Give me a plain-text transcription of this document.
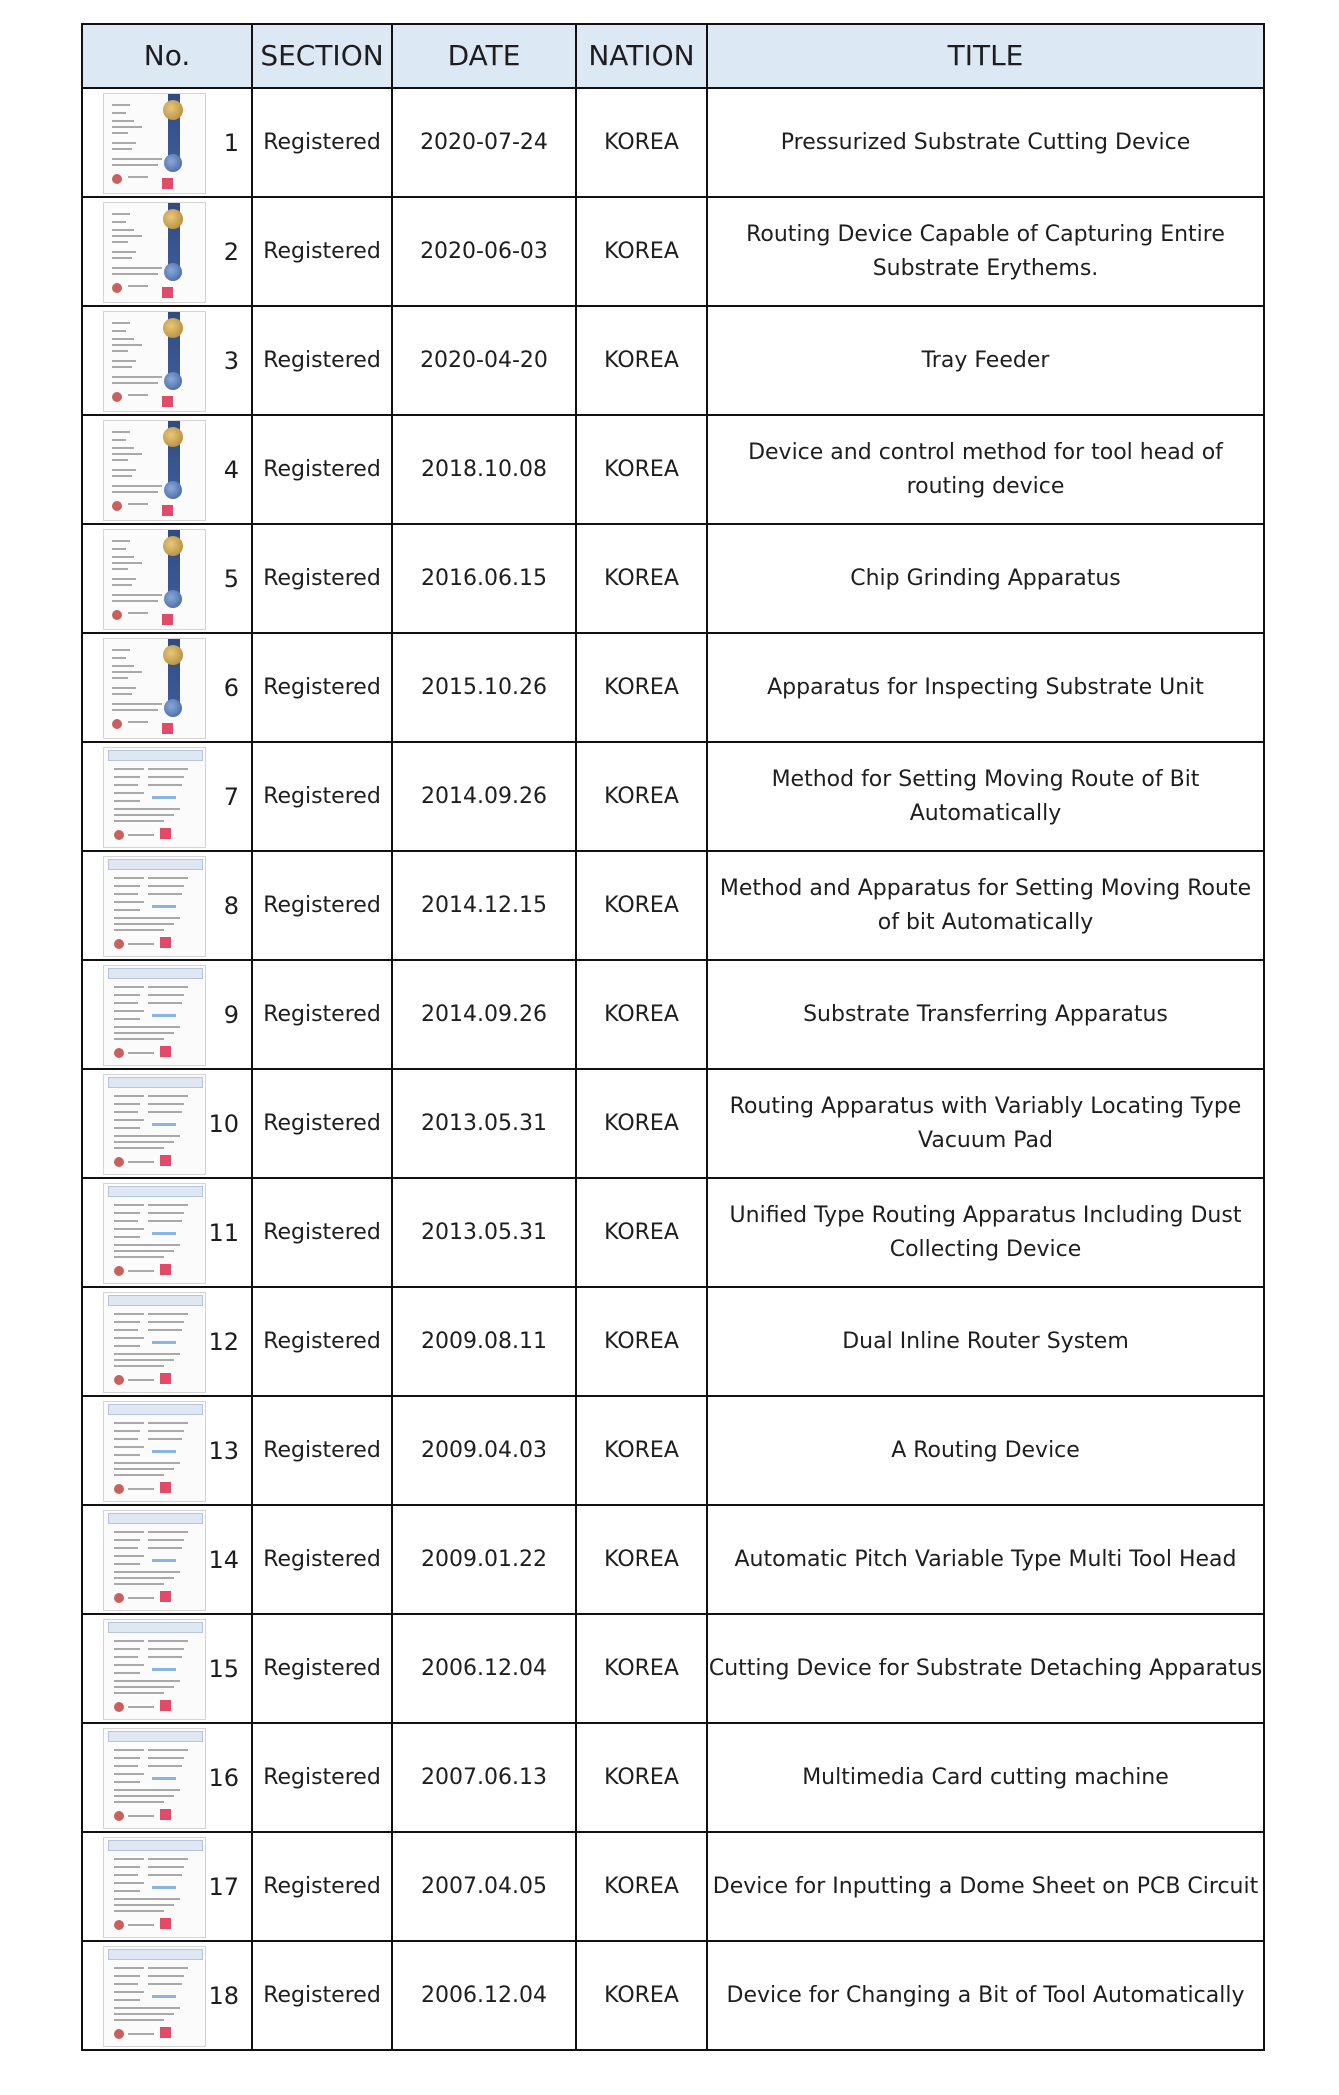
No.	SECTION	DATE	NATION	TITLE

1	Registered	2020-07-24	KOREA	Pressurized Substrate Cutting Device

2	Registered	2020-06-03	KOREA	Routing Device Capable of Capturing Entire Substrate Erythems.

3	Registered	2020-04-20	KOREA	Tray Feeder

4	Registered	2018.10.08	KOREA	Device and control method for tool head of routing device

5	Registered	2016.06.15	KOREA	Chip Grinding Apparatus

6	Registered	2015.10.26	KOREA	Apparatus for Inspecting Substrate Unit

7	Registered	2014.09.26	KOREA	Method for Setting Moving Route of Bit Automatically

8	Registered	2014.12.15	KOREA	Method and Apparatus for Setting Moving Route of bit Automatically

9	Registered	2014.09.26	KOREA	Substrate Transferring Apparatus

10	Registered	2013.05.31	KOREA	Routing Apparatus with Variably Locating Type Vacuum Pad

11	Registered	2013.05.31	KOREA	Unified Type Routing Apparatus Including Dust Collecting Device

12	Registered	2009.08.11	KOREA	Dual Inline Router System

13	Registered	2009.04.03	KOREA	A Routing Device

14	Registered	2009.01.22	KOREA	Automatic Pitch Variable Type Multi Tool Head

15	Registered	2006.12.04	KOREA	Cutting Device for Substrate Detaching Apparatus

16	Registered	2007.06.13	KOREA	Multimedia Card cutting machine

17	Registered	2007.04.05	KOREA	Device for Inputting a Dome Sheet on PCB Circuit

18	Registered	2006.12.04	KOREA	Device for Changing a Bit of Tool Automatically
